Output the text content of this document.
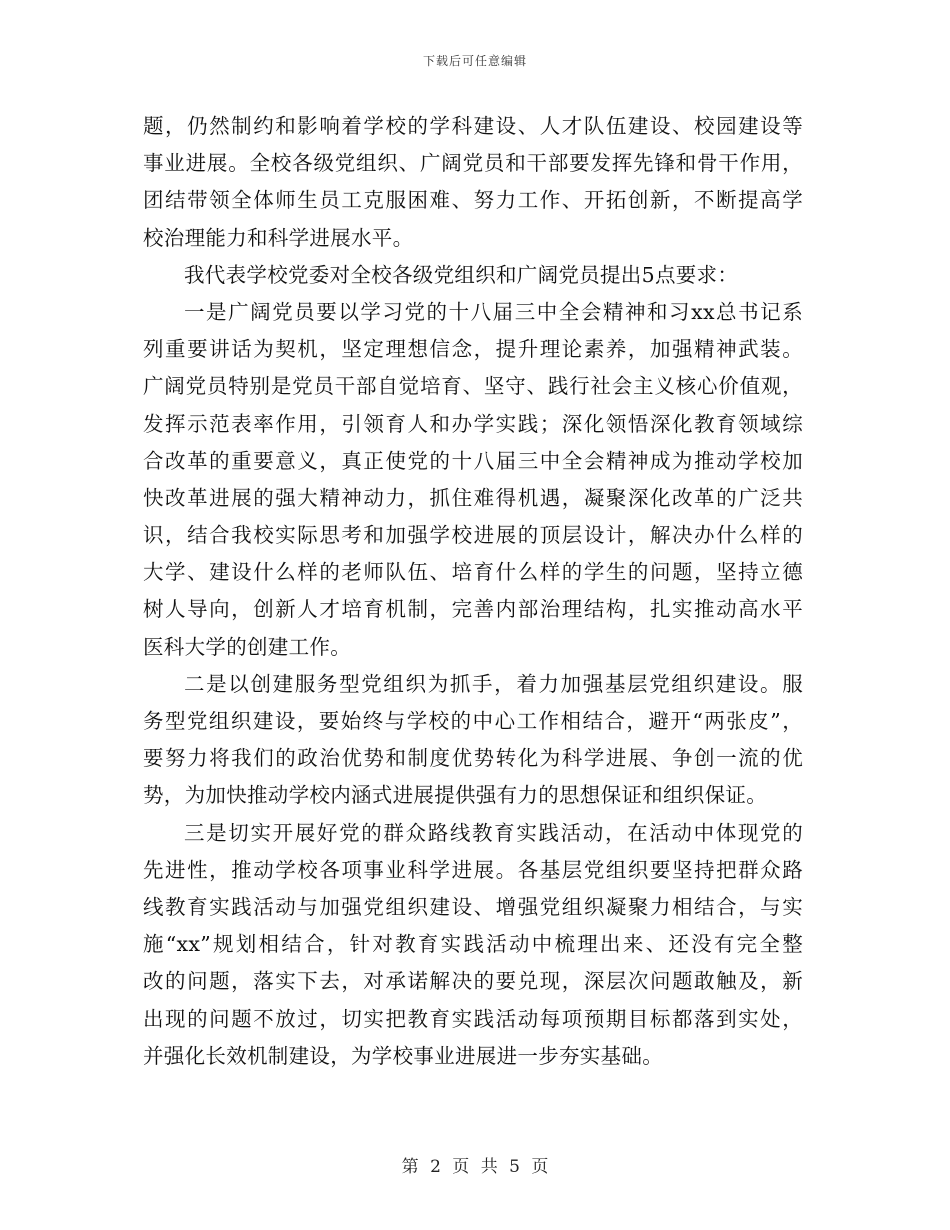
下载后可任意编辑
题，仍然制约和影响着学校的学科建设、人才队伍建设、校园建设等
事业进展。全校各级党组织、广阔党员和干部要发挥先锋和骨干作用，
团结带领全体师生员工克服困难、努力工作、开拓创新，不断提高学
校治理能力和科学进展水平。
我代表学校党委对全校各级党组织和广阔党员提出5点要求：
一是广阔党员要以学习党的十八届三中全会精神和习xx总书记系
列重要讲话为契机，坚定理想信念，提升理论素养，加强精神武装。
广阔党员特别是党员干部自觉培育、坚守、践行社会主义核心价值观，
发挥示范表率作用，引领育人和办学实践；深化领悟深化教育领域综
合改革的重要意义，真正使党的十八届三中全会精神成为推动学校加
快改革进展的强大精神动力，抓住难得机遇，凝聚深化改革的广泛共
识，结合我校实际思考和加强学校进展的顶层设计，解决办什么样的
大学、建设什么样的老师队伍、培育什么样的学生的问题，坚持立德
树人导向，创新人才培育机制，完善内部治理结构，扎实推动高水平
医科大学的创建工作。
二是以创建服务型党组织为抓手，着力加强基层党组织建设。服
务型党组织建设，要始终与学校的中心工作相结合，避开“两张皮”，
要努力将我们的政治优势和制度优势转化为科学进展、争创一流的优
势，为加快推动学校内涵式进展提供强有力的思想保证和组织保证。
三是切实开展好党的群众路线教育实践活动，在活动中体现党的
先进性，推动学校各项事业科学进展。各基层党组织要坚持把群众路
线教育实践活动与加强党组织建设、增强党组织凝聚力相结合，与实
施“xx”规划相结合，针对教育实践活动中梳理出来、还没有完全整
改的问题，落实下去，对承诺解决的要兑现，深层次问题敢触及，新
出现的问题不放过，切实把教育实践活动每项预期目标都落到实处，
并强化长效机制建设，为学校事业进展进一步夯实基础。
第 2 页 共 5 页
